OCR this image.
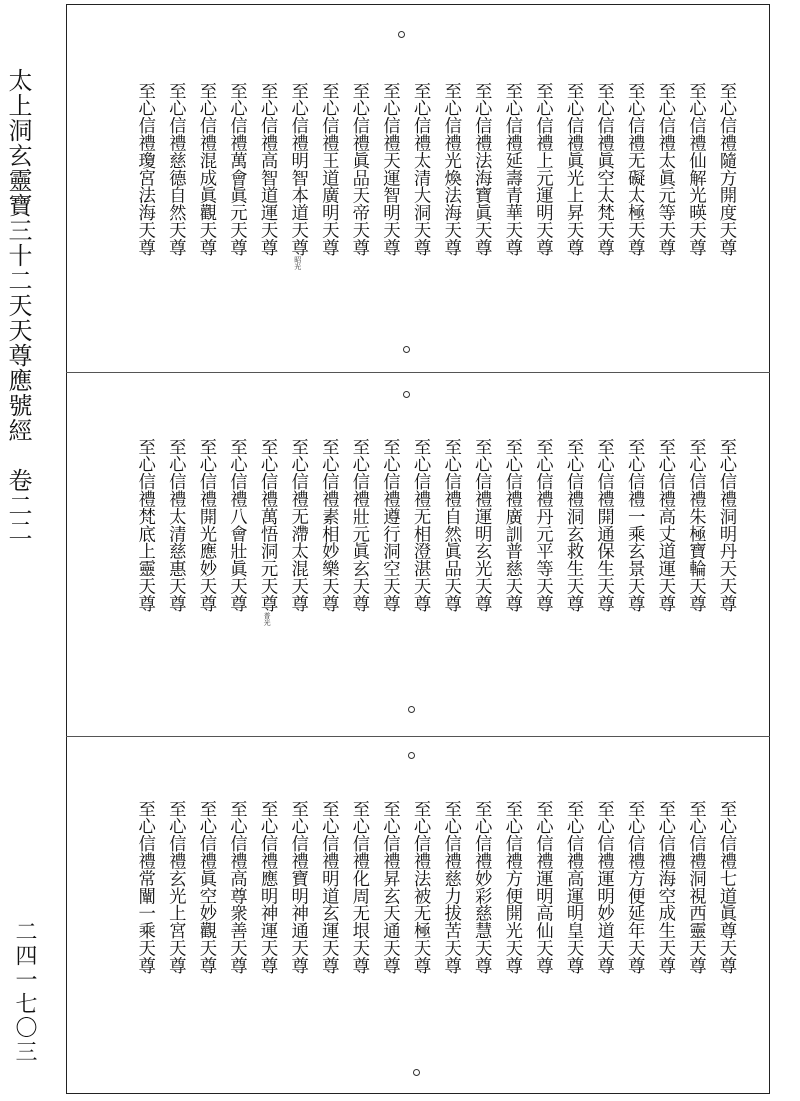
太上洞玄靈寶三十二天天尊應號經　卷二二
二四一七〇三
至心信禮隨方開度天尊
至心信禮仙解光暎天尊
至心信禮太眞元等天尊
至心信禮无礙太極天尊
至心信禮眞空太梵天尊
至心信禮眞光上昇天尊
至心信禮上元運明天尊
至心信禮延壽青華天尊
至心信禮法海寶眞天尊
至心信禮光煥法海天尊
至心信禮太清大洞天尊
至心信禮天運智明天尊
至心信禮眞品天帝天尊
至心信禮王道廣明天尊
至心信禮明智本道天尊昭光
至心信禮高智道運天尊
至心信禮萬會眞元天尊
至心信禮混成眞觀天尊
至心信禮慈德自然天尊
至心信禮瓊宮法海天尊
至心信禮洞明丹天天尊
至心信禮朱極寶輪天尊
至心信禮高丈道運天尊
至心信禮一乘玄景天尊
至心信禮開通保生天尊
至心信禮洞玄救生天尊
至心信禮丹元平等天尊
至心信禮廣訓普慈天尊
至心信禮運明玄光天尊
至心信禮自然眞品天尊
至心信禮无相澄湛天尊
至心信禮遵行洞空天尊
至心信禮壯元眞玄天尊
至心信禮素相妙樂天尊
至心信禮无滯太混天尊
至心信禮萬悟洞元天尊普光
至心信禮八會壯眞天尊
至心信禮開光應妙天尊
至心信禮太清慈惠天尊
至心信禮梵底上靈天尊
至心信禮七道眞尊天尊
至心信禮洞視西靈天尊
至心信禮海空成生天尊
至心信禮方便延年天尊
至心信禮運明妙道天尊
至心信禮高運明皇天尊
至心信禮運明高仙天尊
至心信禮方便開光天尊
至心信禮妙彩慈慧天尊
至心信禮慈力拔苦天尊
至心信禮法被无極天尊
至心信禮昇玄天通天尊
至心信禮化周无垠天尊
至心信禮明道玄運天尊
至心信禮寶明神通天尊
至心信禮應明神運天尊
至心信禮高尊衆善天尊
至心信禮眞空妙觀天尊
至心信禮玄光上宮天尊
至心信禮常闡一乘天尊
